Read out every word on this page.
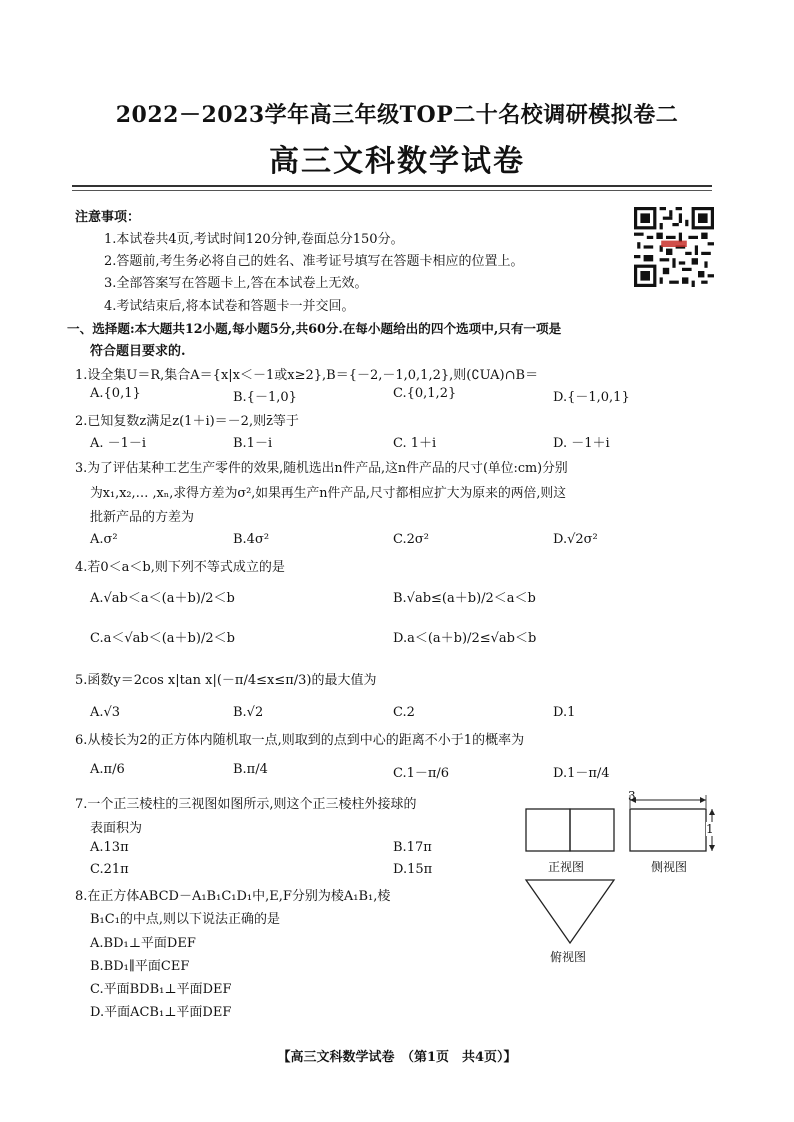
2022－2023学年高三年级TOP二十名校调研模拟卷二
高三文科数学试卷
注意事项：
1.本试卷共4页,考试时间120分钟,卷面总分150分。
2.答题前,考生务必将自己的姓名、准考证号填写在答题卡相应的位置上。
3.全部答案写在答题卡上,答在本试卷上无效。
4.考试结束后,将本试卷和答题卡一并交回。
一、选择题:本大题共12小题,每小题5分,共60分.在每小题给出的四个选项中,只有一项是
符合题目要求的.
1.设全集U＝R,集合A＝{x|x＜－1或x≥2},B＝{－2,－1,0,1,2},则(∁UA)∩B＝
A.{0,1}	B.{－1,0}	C.{0,1,2}	D.{－1,0,1}
2.已知复数z满足z(1＋i)＝－2,则z̄等于
A. －1－i	B.1－i	C. 1＋i	D. －1＋i
3.为了评估某种工艺生产零件的效果,随机选出n件产品,这n件产品的尺寸(单位:cm)分别
为x₁,x₂,… ,xₙ,求得方差为σ²,如果再生产n件产品,尺寸都相应扩大为原来的两倍,则这
批新产品的方差为
A.σ²	B.4σ²	C.2σ²	D.√2σ²
4.若0＜a＜b,则下列不等式成立的是
A.√ab＜a＜(a＋b)/2＜b	B.√ab≤(a＋b)/2＜a＜b
C.a＜√ab＜(a＋b)/2＜b	D.a＜(a＋b)/2≤√ab＜b
5.函数y＝2cos x|tan x|(－π/4≤x≤π/3)的最大值为
A.√3	B.√2	C.2	D.1
6.从棱长为2的正方体内随机取一点,则取到的点到中心的距离不小于1的概率为
A.π/6	B.π/4	C.1－π/6	D.1－π/4
7.一个正三棱柱的三视图如图所示,则这个正三棱柱外接球的
表面积为
A.13π	B.17π
C.21π	D.15π
8.在正方体ABCD－A₁B₁C₁D₁中,E,F分别为棱A₁B₁,棱
B₁C₁的中点,则以下说法正确的是
A.BD₁⊥平面DEF
B.BD₁∥平面CEF
C.平面BDB₁⊥平面DEF
D.平面ACB₁⊥平面DEF
3
1
正视图	侧视图
俯视图
【高三文科数学试卷　（第1页　共4页）】
